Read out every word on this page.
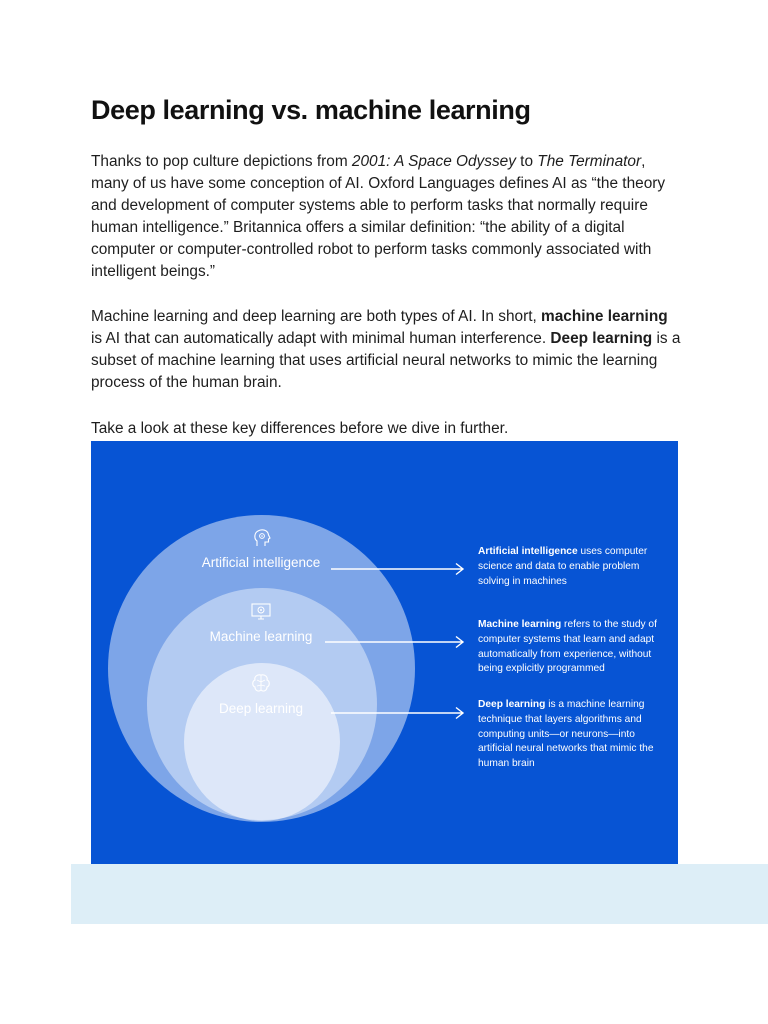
Deep learning vs. machine learning

Thanks to pop culture depictions from 2001: A Space Odyssey to The Terminator, many of us have some conception of AI. Oxford Languages defines AI as “the theory and development of computer systems able to perform tasks that normally require human intelligence.” Britannica offers a similar definition: “the ability of a digital computer or computer-controlled robot to perform tasks commonly associated with intelligent beings.”

Machine learning and deep learning are both types of AI. In short, machine learning is AI that can automatically adapt with minimal human interference. Deep learning is a subset of machine learning that uses artificial neural networks to mimic the learning process of the human brain.

Take a look at these key differences before we dive in further.

Artificial intelligence
Machine learning
Deep learning
Artificial intelligence uses computer science and data to enable problem solving in machines
Machine learning refers to the study of computer systems that learn and adapt automatically from experience, without being explicitly programmed
Deep learning is a machine learning technique that layers algorithms and computing units—or neurons—into artificial neural networks that mimic the human brain
